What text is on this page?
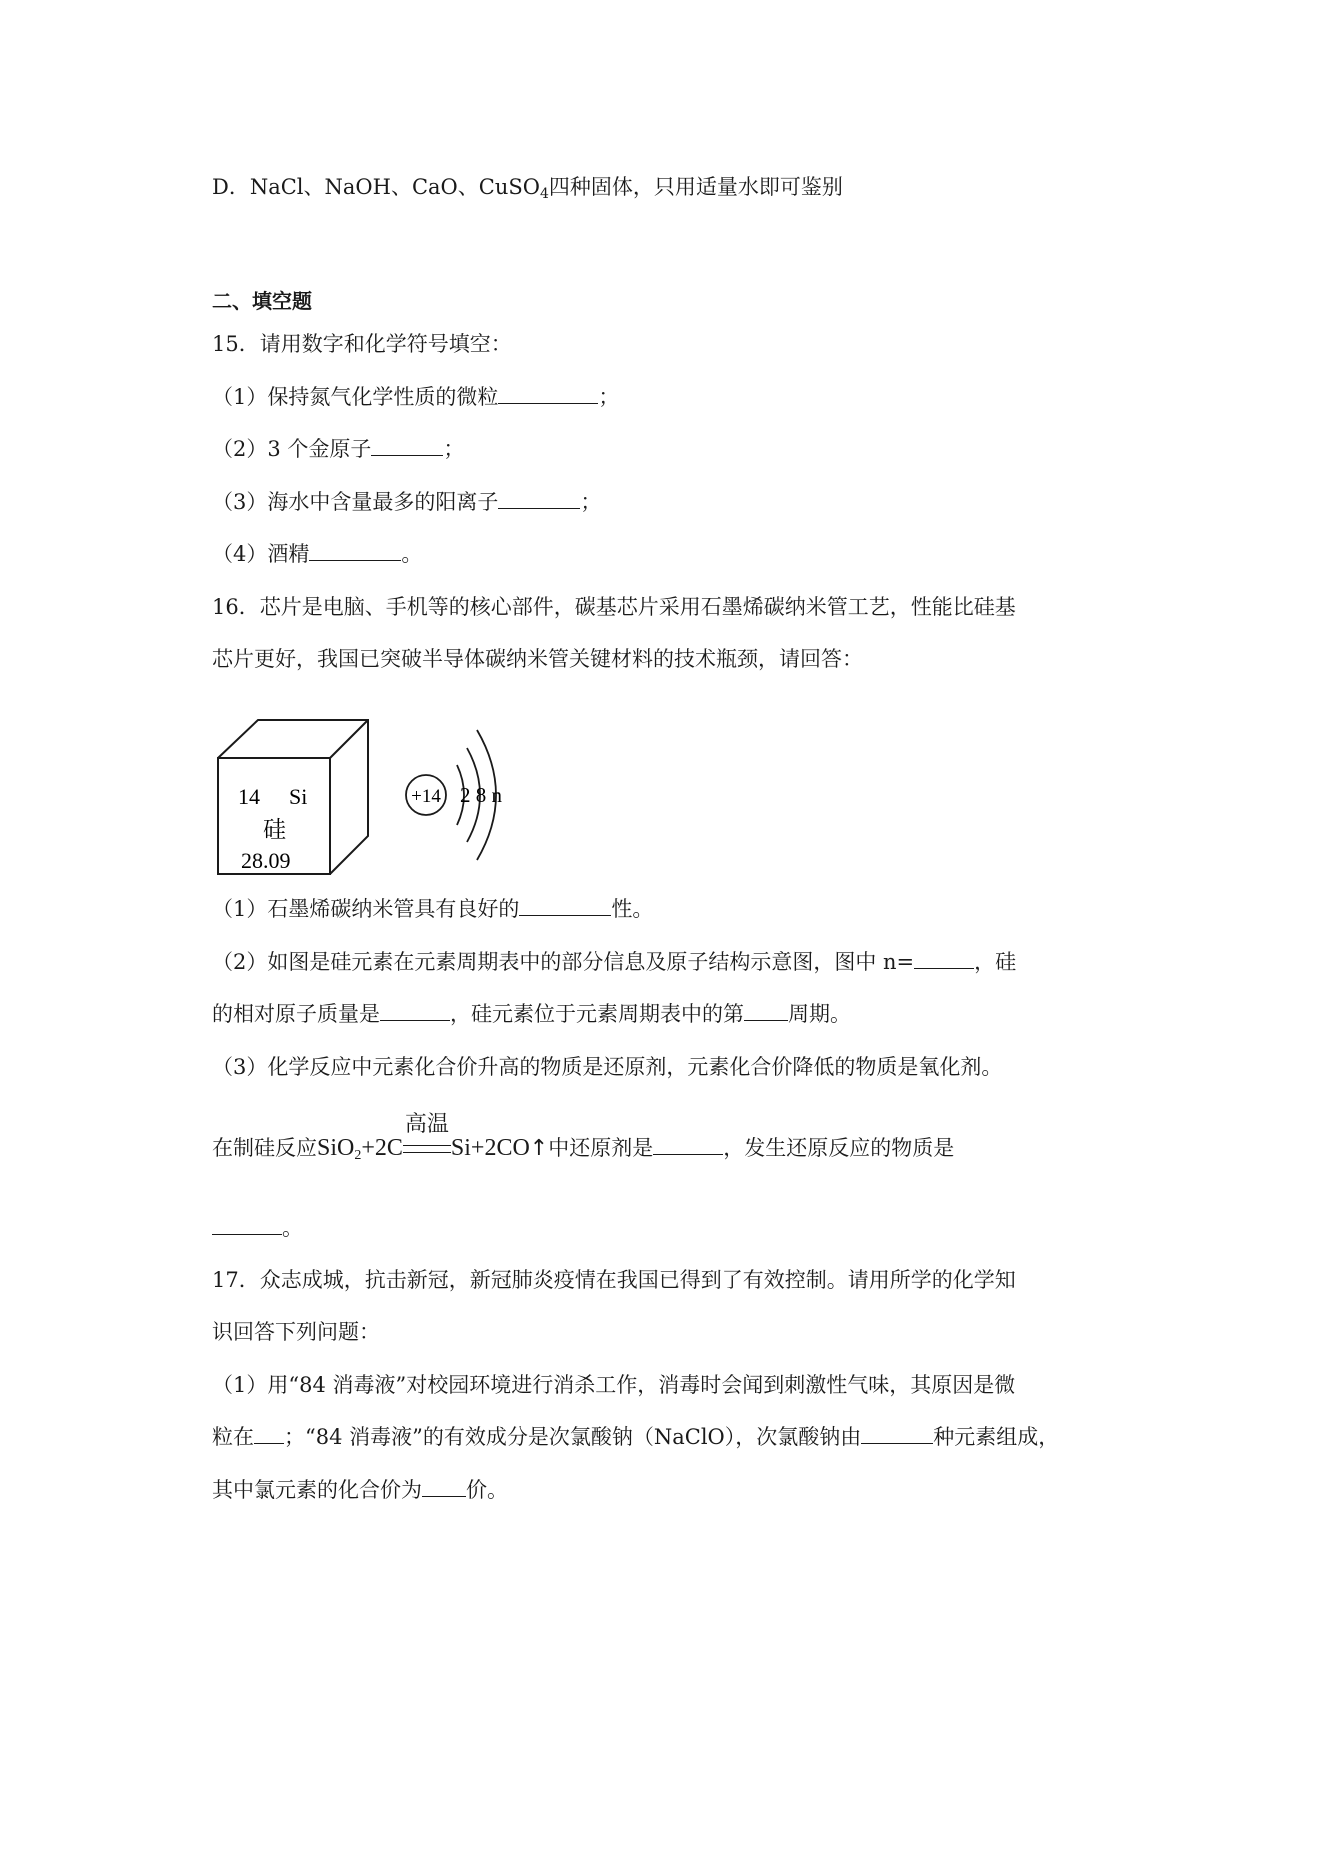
D．NaCl、NaOH、CaO、CuSO$_4$四种固体，只用适量水即可鉴别
二、填空题
15．请用数字和化学符号填空：
（1）保持氮气化学性质的微粒	；
（2）3 个金原子	；
（3）海水中含量最多的阳离子	；
（4）酒精	。
16．芯片是电脑、手机等的核心部件，碳基芯片采用石墨烯碳纳米管工艺，性能比硅基
芯片更好，我国已突破半导体碳纳米管关键材料的技术瓶颈，请回答：
14 Si
硅
28.09
+14 2 8 n
（1）石墨烯碳纳米管具有良好的	性。
（2）如图是硅元素在元素周期表中的部分信息及原子结构示意图，图中 n=	，硅
的相对原子质量是	，硅元素位于元素周期表中的第 周期。
（3）化学反应中元素化合价升高的物质是还原剂，元素化合价降低的物质是氧化剂。
在制硅反应SiO$_2$+2C
高温
Si+2CO↑中还原剂是	，发生还原反应的物质是
。
17．众志成城，抗击新冠，新冠肺炎疫情在我国已得到了有效控制。请用所学的化学知
识回答下列问题：
（1）用“84 消毒液”对校园环境进行消杀工作，消毒时会闻到刺激性气味，其原因是微
粒在 ；“84 消毒液”的有效成分是次氯酸钠（NaClO），次氯酸钠由	种元素组成，
其中氯元素的化合价为 价。
